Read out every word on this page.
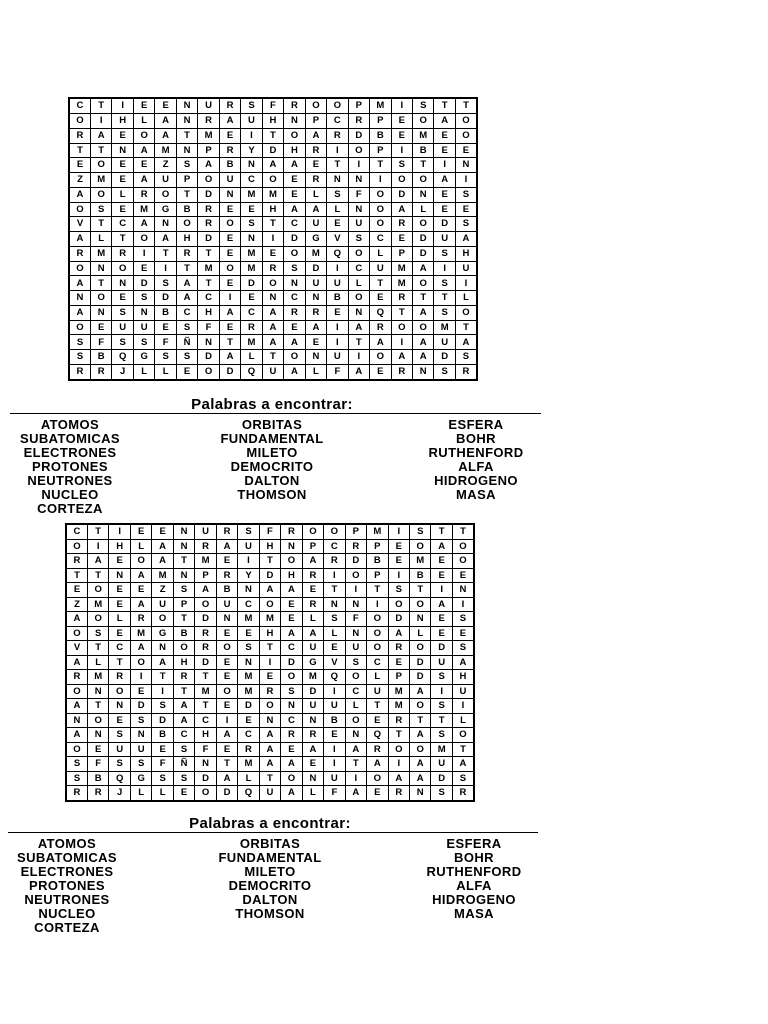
C	T	I	E	E	N	U	R	S	F	R	O	O	P	M	I	S	T	T
O	I	H	L	A	N	R	A	U	H	N	P	C	R	P	E	O	A	O
R	A	E	O	A	T	M	E	I	T	O	A	R	D	B	E	M	E	O
T	T	N	A	M	N	P	R	Y	D	H	R	I	O	P	I	B	E	E
E	O	E	E	Z	S	A	B	N	A	A	E	T	I	T	S	T	I	N
Z	M	E	A	U	P	O	U	C	O	E	R	N	N	I	O	O	A	I
A	O	L	R	O	T	D	N	M	M	E	L	S	F	O	D	N	E	S
O	S	E	M	G	B	R	E	E	H	A	A	L	N	O	A	L	E	E
V	T	C	A	N	O	R	O	S	T	C	U	E	U	O	R	O	D	S
A	L	T	O	A	H	D	E	N	I	D	G	V	S	C	E	D	U	A
R	M	R	I	T	R	T	E	M	E	O	M	Q	O	L	P	D	S	H
O	N	O	E	I	T	M	O	M	R	S	D	I	C	U	M	A	I	U
A	T	N	D	S	A	T	E	D	O	N	U	U	L	T	M	O	S	I
N	O	E	S	D	A	C	I	E	N	C	N	B	O	E	R	T	T	L
A	N	S	N	B	C	H	A	C	A	R	R	E	N	Q	T	A	S	O
O	E	U	U	E	S	F	E	R	A	E	A	I	A	R	O	O	M	T
S	F	S	S	F	Ñ	N	T	M	A	A	E	I	T	A	I	A	U	A
S	B	Q	G	S	S	D	A	L	T	O	N	U	I	O	A	A	D	S
R	R	J	L	L	E	O	D	Q	U	A	L	F	A	E	R	N	S	R
Palabras a encontrar:
ATOMOS
SUBATOMICAS
ELECTRONES
PROTONES
NEUTRONES
NUCLEO
CORTEZA
ORBITAS
FUNDAMENTAL
MILETO
DEMOCRITO
DALTON
THOMSON
ESFERA
BOHR
RUTHENFORD
ALFA
HIDROGENO
MASA
C	T	I	E	E	N	U	R	S	F	R	O	O	P	M	I	S	T	T
O	I	H	L	A	N	R	A	U	H	N	P	C	R	P	E	O	A	O
R	A	E	O	A	T	M	E	I	T	O	A	R	D	B	E	M	E	O
T	T	N	A	M	N	P	R	Y	D	H	R	I	O	P	I	B	E	E
E	O	E	E	Z	S	A	B	N	A	A	E	T	I	T	S	T	I	N
Z	M	E	A	U	P	O	U	C	O	E	R	N	N	I	O	O	A	I
A	O	L	R	O	T	D	N	M	M	E	L	S	F	O	D	N	E	S
O	S	E	M	G	B	R	E	E	H	A	A	L	N	O	A	L	E	E
V	T	C	A	N	O	R	O	S	T	C	U	E	U	O	R	O	D	S
A	L	T	O	A	H	D	E	N	I	D	G	V	S	C	E	D	U	A
R	M	R	I	T	R	T	E	M	E	O	M	Q	O	L	P	D	S	H
O	N	O	E	I	T	M	O	M	R	S	D	I	C	U	M	A	I	U
A	T	N	D	S	A	T	E	D	O	N	U	U	L	T	M	O	S	I
N	O	E	S	D	A	C	I	E	N	C	N	B	O	E	R	T	T	L
A	N	S	N	B	C	H	A	C	A	R	R	E	N	Q	T	A	S	O
O	E	U	U	E	S	F	E	R	A	E	A	I	A	R	O	O	M	T
S	F	S	S	F	Ñ	N	T	M	A	A	E	I	T	A	I	A	U	A
S	B	Q	G	S	S	D	A	L	T	O	N	U	I	O	A	A	D	S
R	R	J	L	L	E	O	D	Q	U	A	L	F	A	E	R	N	S	R
Palabras a encontrar:
ATOMOS
SUBATOMICAS
ELECTRONES
PROTONES
NEUTRONES
NUCLEO
CORTEZA
ORBITAS
FUNDAMENTAL
MILETO
DEMOCRITO
DALTON
THOMSON
ESFERA
BOHR
RUTHENFORD
ALFA
HIDROGENO
MASA
